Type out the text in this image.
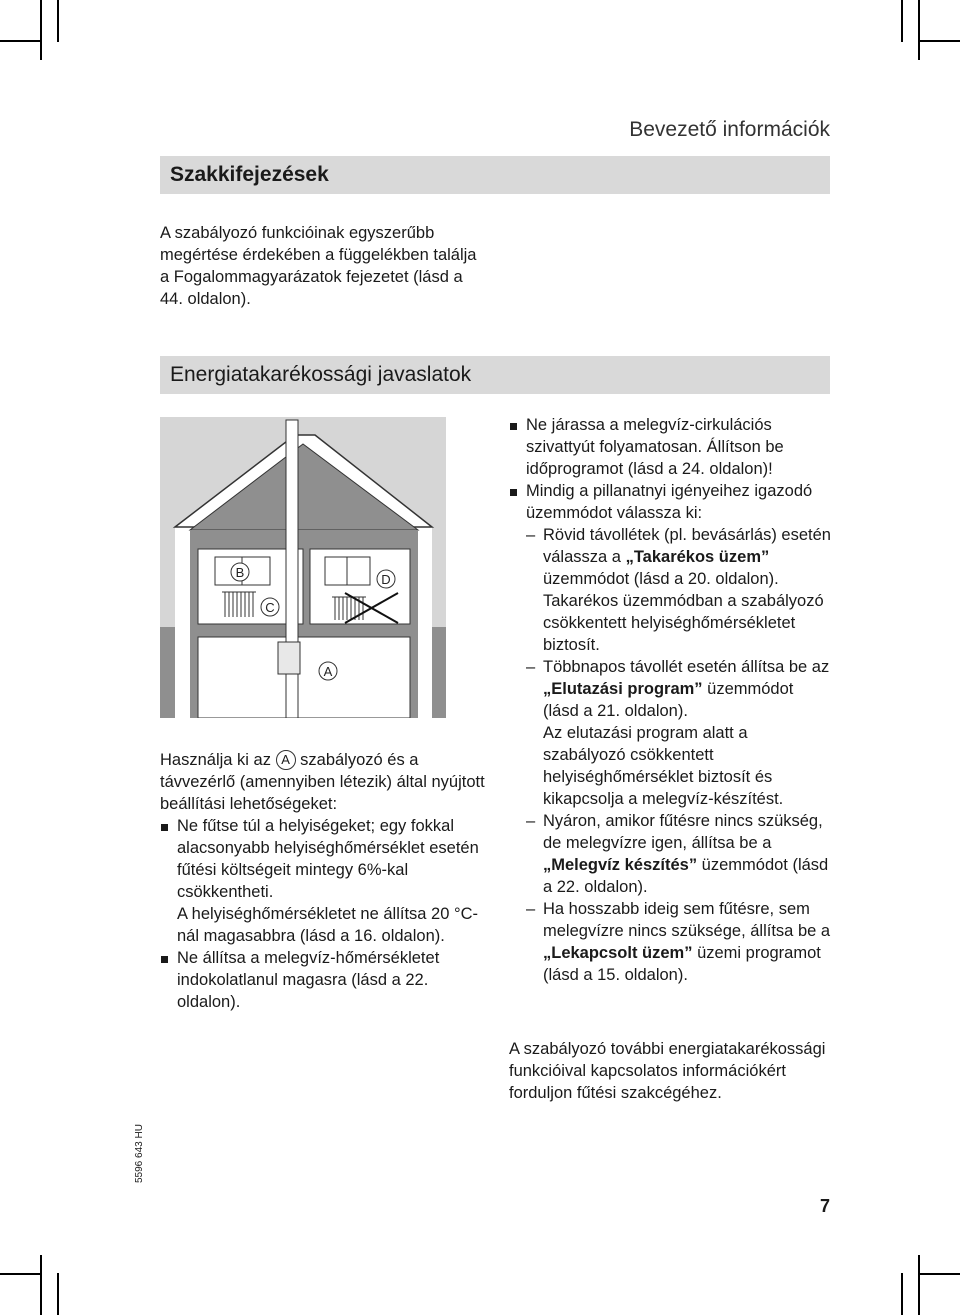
Bevezető információk
Szakkifejezések

A szabályozó funkcióinak egyszerűbb megértése érdekében a függelékben találja a Fogalommagyarázatok fejezetet (lásd a 44. oldalon).

Energiatakarékossági javaslatok
B
C
D
A
Használja ki az A szabályozó és a távvezérlő (amennyiben létezik) által nyújtott beállítási lehetőségeket:
Ne fűtse túl a helyiségeket; egy fokkal alacsonyabb helyiséghőmérséklet esetén fűtési költségeit mintegy 6%-kal csökkentheti.
A helyiséghőmérsékletet ne állítsa 20 °C-nál magasabbra (lásd a 16. oldalon).
Ne állítsa a melegvíz-hőmérsékletet indokolatlanul magasra (lásd a 22. oldalon).
Ne járassa a melegvíz-cirkulációs szivattyút folyamatosan. Állítson be időprogramot (lásd a 24. oldalon)!
Mindig a pillanatnyi igényeihez igazodó üzemmódot válassza ki:
– Rövid távollétek (pl. bevásárlás) esetén válassza a „Takarékos üzem” üzemmódot (lásd a 20. oldalon).
Takarékos üzemmódban a szabályozó csökkentett helyiséghőmérsékletet biztosít.
– Többnapos távollét esetén állítsa be az „Elutazási program” üzemmódot (lásd a 21. oldalon).
Az elutazási program alatt a szabályozó csökkentett helyiséghőmérséklet biztosít és kikapcsolja a melegvíz-készítést.
– Nyáron, amikor fűtésre nincs szükség, de melegvízre igen, állítsa be a „Melegvíz készítés” üzemmódot (lásd a 22. oldalon).
– Ha hosszabb ideig sem fűtésre, sem melegvízre nincs szüksége, állítsa be a „Lekapcsolt üzem” üzemi programot (lásd a 15. oldalon).

A szabályozó további energiatakarékossági funkcióival kapcsolatos információkért forduljon fűtési szakcégéhez.

5596 643 HU
7
